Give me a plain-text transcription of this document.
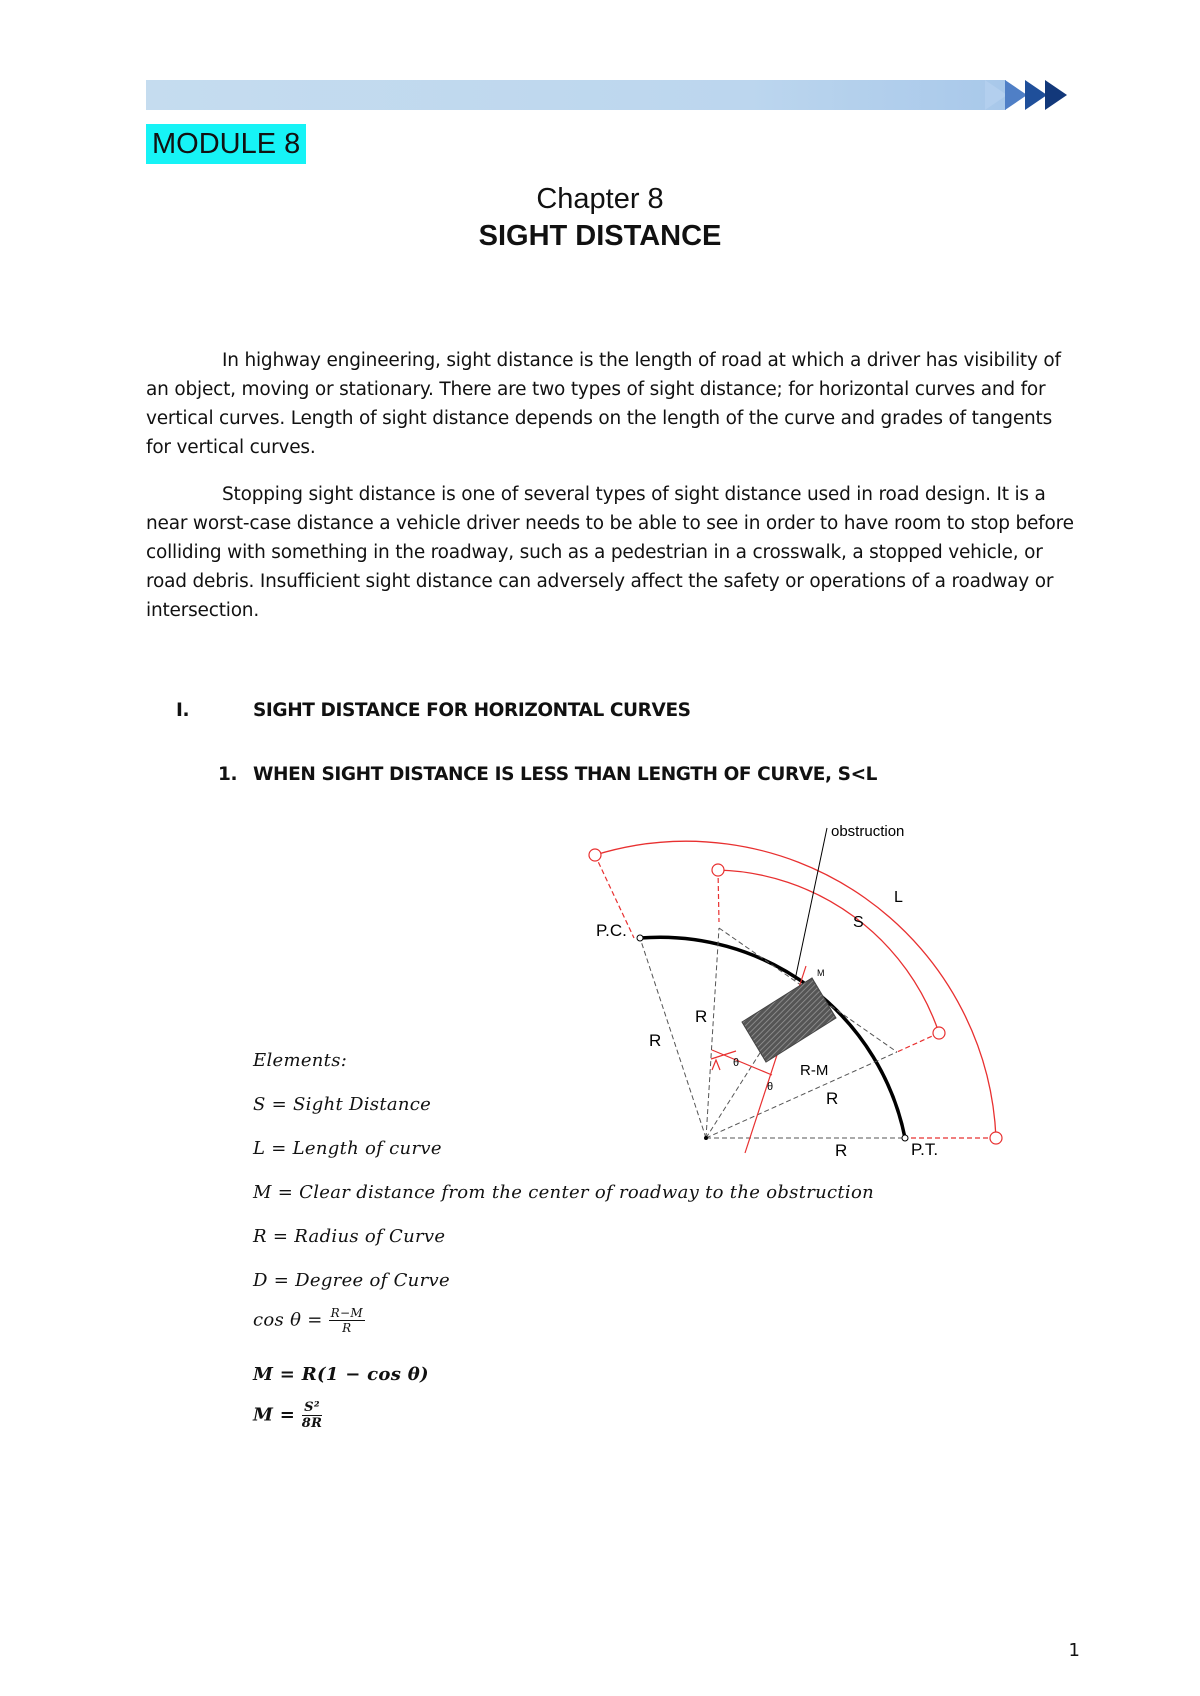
MODULE 8
Chapter 8
SIGHT DISTANCE
In highway engineering, sight distance is the length of road at which a driver has visibility of an object, moving or stationary. There are two types of sight distance; for horizontal curves and for vertical curves. Length of sight distance depends on the length of the curve and grades of tangents for vertical curves.
Stopping sight distance is one of several types of sight distance used in road design. It is a near worst-case distance a vehicle driver needs to be able to see in order to have room to stop before colliding with something in the roadway, such as a pedestrian in a crosswalk, a stopped vehicle, or road debris. Insufficient sight distance can adversely affect the safety or operations of a roadway or intersection.
I.	SIGHT DISTANCE FOR HORIZONTAL CURVES
1. WHEN SIGHT DISTANCE IS LESS THAN LENGTH OF CURVE, S<L
obstruction
L
S
P.C.
P.T.
R
R
R
R
R-M
M
θ
θ
Elements:
S = Sight Distance
L = Length of curve
M = Clear distance from the center of roadway to the obstruction
R = Radius of Curve
D = Degree of Curve
$\cos \theta = \frac{R-M}{R}$
M = R(1 − cos θ)
$M = \frac{\text{S²}}{8R}$
1
